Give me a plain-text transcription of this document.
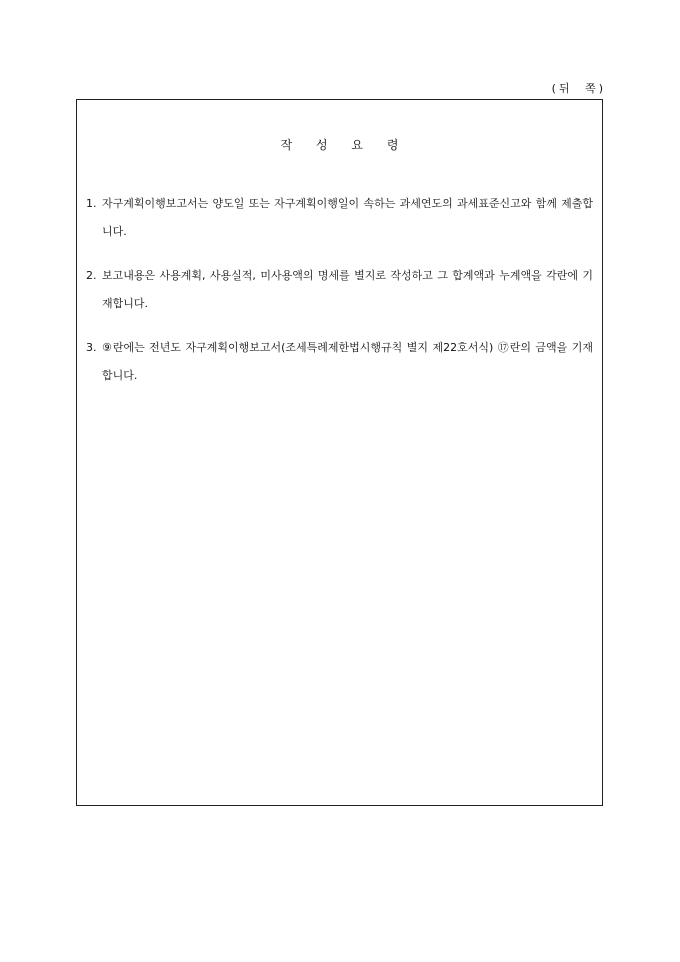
(뒤 쪽)
작 성 요 령
1. 자구계획이행보고서는 양도일 또는 자구계획이행일이 속하는 과세연도의 과세표준신고와 함께 제출합니다.
2. 보고내용은 사용계획, 사용실적, 미사용액의 명세를 별지로 작성하고 그 합계액과 누계액을 각란에 기재합니다.
3. ⑨란에는 전년도 자구계획이행보고서(조세특례제한법시행규칙 별지 제22호서식) ⑰란의 금액을 기재합니다.
